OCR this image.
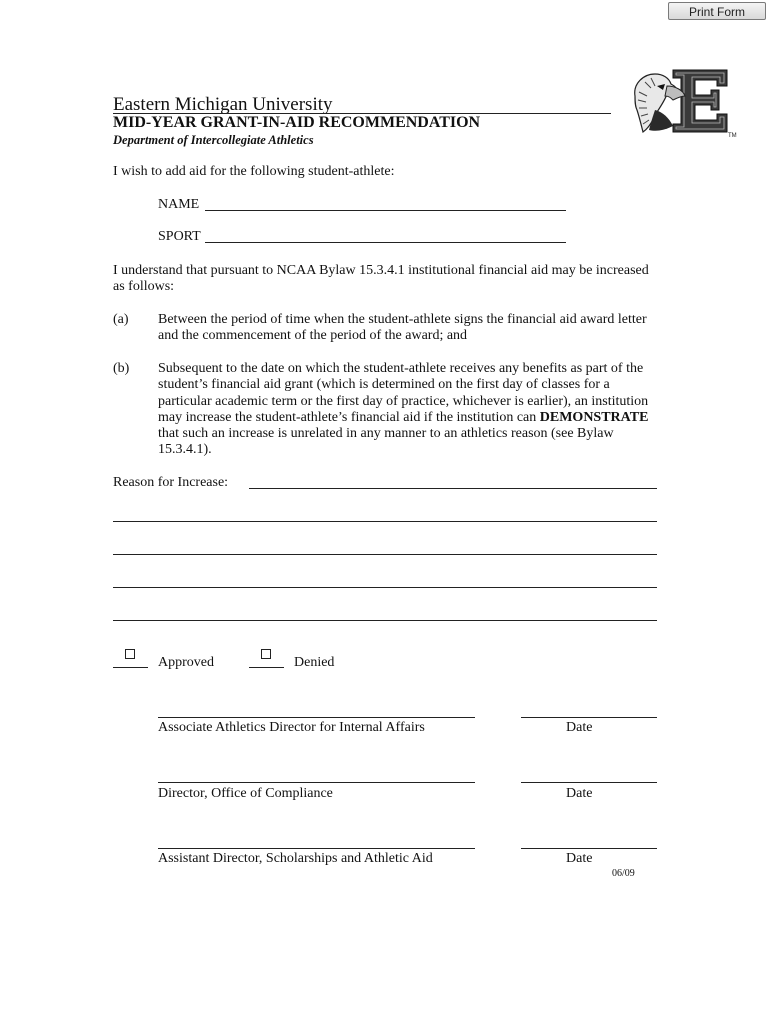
Print Form
Eastern Michigan University
MID-YEAR GRANT-IN-AID RECOMMENDATION
Department of Intercollegiate Athletics	TM
I wish to add aid for the following student-athlete:
NAME
SPORT
I understand that pursuant to NCAA Bylaw 15.3.4.1 institutional financial aid may be increased as follows:
(a) Between the period of time when the student-athlete signs the financial aid award letter
and the commencement of the period of the award; and
(b) Subsequent to the date on which the student-athlete receives any benefits as part of the
student’s financial aid grant (which is determined on the first day of classes for a
particular academic term or the first day of practice, whichever is earlier), an institution
may increase the student-athlete’s financial aid if the institution can DEMONSTRATE
that such an increase is unrelated in any manner to an athletics reason (see Bylaw
15.3.4.1).
Reason for Increase:
Approved	Denied
Associate Athletics Director for Internal Affairs	Date
Director, Office of Compliance	Date
Assistant Director, Scholarships and Athletic Aid	Date
06/09
